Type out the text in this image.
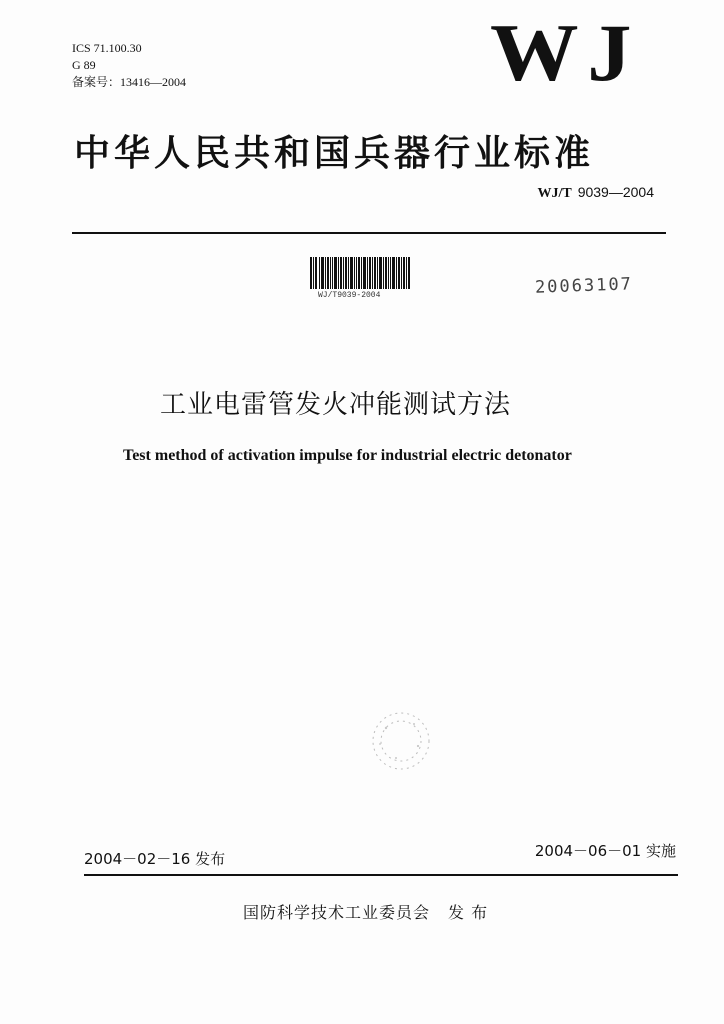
ICS 71.100.30
G 89
备案号：13416—2004	WJ
中华人民共和国兵器行业标准
WJ/T 9039—2004
WJ/T9039-2004	20063107
工业电雷管发火冲能测试方法
Test method of activation impulse for industrial electric detonator
2004－02－16 发布	2004－06－01 实施
国防科学技术工业委员会 发 布
